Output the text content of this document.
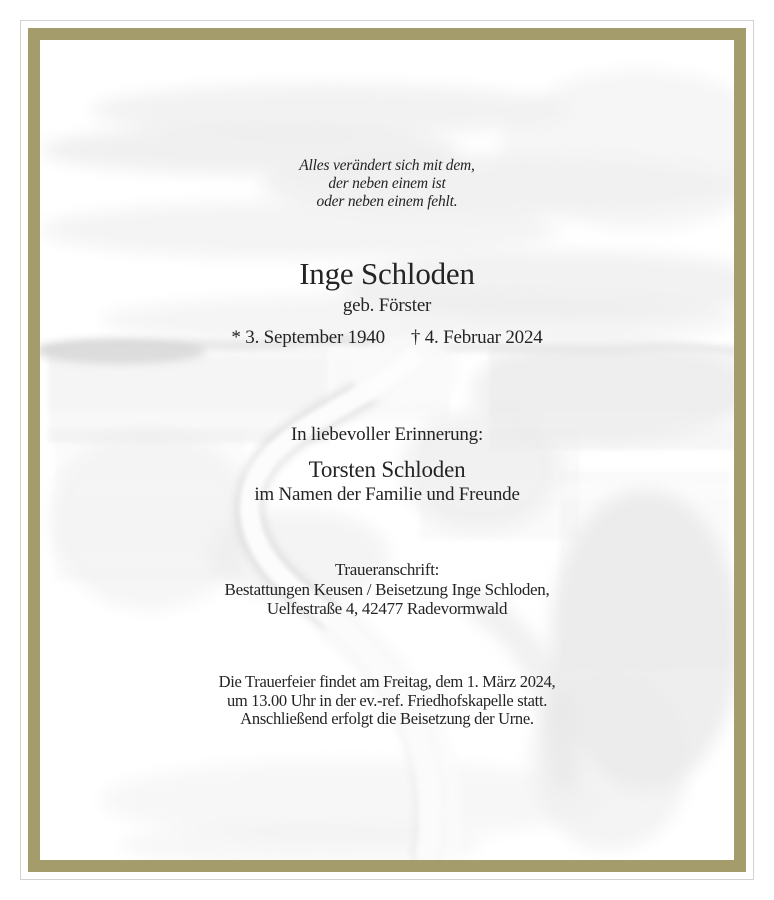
Alles verändert sich mit dem,
der neben einem ist
oder neben einem fehlt.
Inge Schloden
geb. Förster
* 3. September 1940 † 4. Februar 2024
In liebevoller Erinnerung:
Torsten Schloden
im Namen der Familie und Freunde
Traueranschrift:
Bestattungen Keusen / Beisetzung Inge Schloden,
Uelfestraße 4, 42477 Radevormwald
Die Trauerfeier findet am Freitag, dem 1. März 2024,
um 13.00 Uhr in der ev.-ref. Friedhofskapelle statt.
Anschließend erfolgt die Beisetzung der Urne.
